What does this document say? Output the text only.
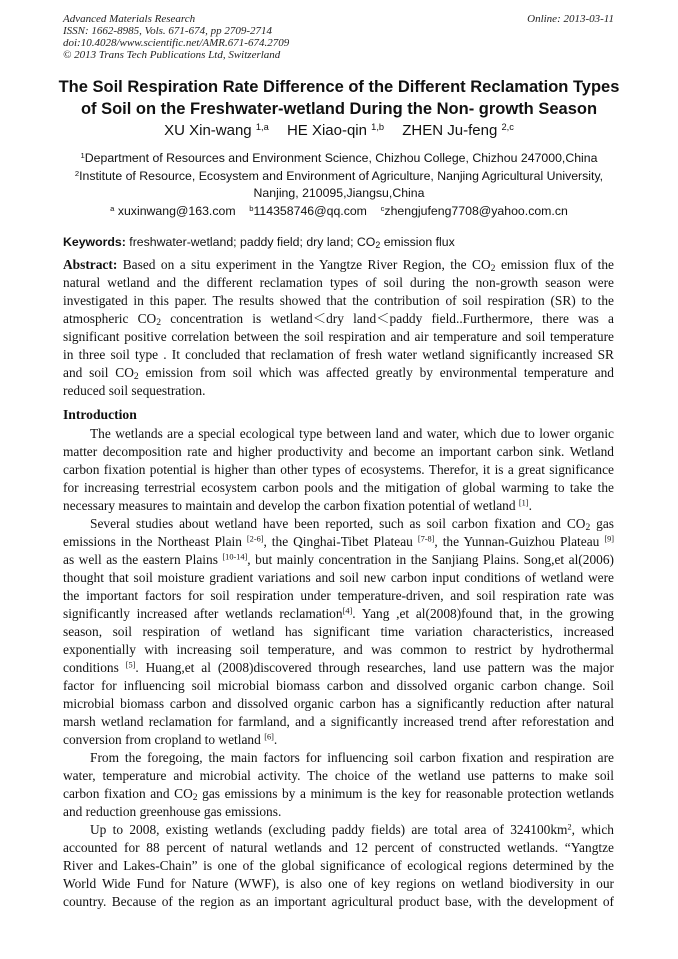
Advanced Materials Research
ISSN: 1662-8985, Vols. 671-674, pp 2709-2714
doi:10.4028/www.scientific.net/AMR.671-674.2709
© 2013 Trans Tech Publications Ltd, Switzerland
Online: 2013-03-11
The Soil Respiration Rate Difference of the Different Reclamation Types
of Soil on the Freshwater-wetland During the Non- growth Season
XU Xin-wang $^{1,a}$ HE Xiao-qin $^{1,b}$ ZHEN Ju-feng $^{2,c}$
$^1$Department of Resources and Environment Science, Chizhou College, Chizhou 247000,China
$^2$Institute of Resource, Ecosystem and Environment of Agriculture, Nanjing Agricultural University,
Nanjing, 210095,Jiangsu,China
$^a$ xuxinwang@163.com    $^b$114358746@qq.com    $^c$zhengjufeng7708@yahoo.com.cn
Keywords: freshwater-wetland; paddy field; dry land; $CO_2$ emission flux
Abstract: Based on a situ experiment in the Yangtze River Region, the $CO_2$ emission flux of the
natural wetland and the different reclamation types of soil during the non-growth season were
investigated in this paper. The results showed that the contribution of soil respiration (SR) to the
atmospheric $CO_2$ concentration is wetland＜dry land＜paddy field..Furthermore, there was a
significant positive correlation between the soil respiration and air temperature and soil temperature
in three soil type . It concluded that reclamation of fresh water wetland significantly increased SR
and soil $CO_2$ emission from soil which was affected greatly by environmental temperature and
reduced soil sequestration.
Introduction
The wetlands are a special ecological type between land and water, which due to lower organic
matter decomposition rate and higher productivity and become an important carbon sink. Wetland
carbon fixation potential is higher than other types of ecosystems. Therefor, it is a great significance
for increasing terrestrial ecosystem carbon pools and the mitigation of global warming to take the
necessary measures to maintain and develop the carbon fixation potential of wetland [1].
Several studies about wetland have been reported, such as soil carbon fixation and $CO_2$ gas
emissions in the Northeast Plain [2-6], the Qinghai-Tibet Plateau [7-8], the Yunnan-Guizhou Plateau [9]
as well as the eastern Plains [10-14], but mainly concentration in the Sanjiang Plains. Song,et al(2006)
thought that soil moisture gradient variations and soil new carbon input conditions of wetland were
the important factors for soil respiration under temperature-driven, and soil respiration rate was
significantly increased after wetlands reclamation[4]. Yang ,et al(2008)found that, in the growing
season, soil respiration of wetland has significant time variation characteristics, increased
exponentially with increasing soil temperature, and was common to restrict by hydrothermal
conditions [5]. Huang,et al (2008)discovered through researches, land use pattern was the major
factor for influencing soil microbial biomass carbon and dissolved organic carbon change. Soil
microbial biomass carbon and dissolved organic carbon has a significantly reduction after natural
marsh wetland reclamation for farmland, and a significantly increased trend after reforestation and
conversion from cropland to wetland [6].
From the foregoing, the main factors for influencing soil carbon fixation and respiration are
water, temperature and microbial activity. The choice of the wetland use patterns to make soil
carbon fixation and $CO_2$ gas emissions by a minimum is the key for reasonable protection wetlands
and reduction greenhouse gas emissions.
Up to 2008, existing wetlands (excluding paddy fields) are total area of $324100km^2$, which
accounted for 88 percent of natural wetlands and 12 percent of constructed wetlands. “Yangtze
River and Lakes-Chain” is one of the global significance of ecological regions determined by the
World Wide Fund for Nature (WWF), is also one of key regions on wetland biodiversity in our
country. Because of the region as an important agricultural product base, with the development of
